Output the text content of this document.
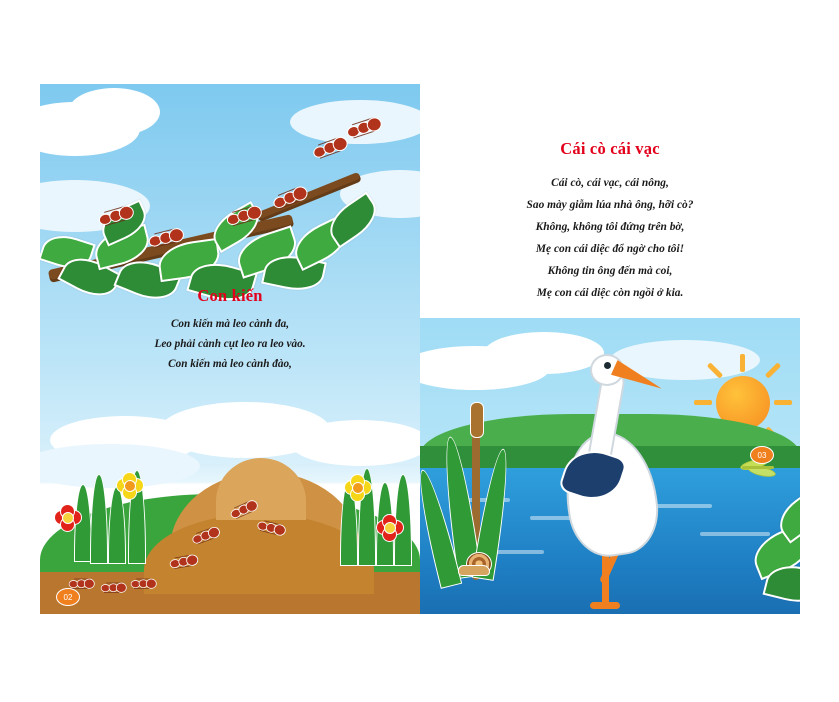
Con kiến
Con kiến mà leo cành đa,
Leo phải cành cụt leo ra leo vào.
Con kiến mà leo cành đào,
02
Cái cò cái vạc
Cái cò, cái vạc, cái nông,
Sao mày giẫm lúa nhà ông, hỡi cò?
Không, không tôi đứng trên bờ,
Mẹ con cái diệc đổ ngờ cho tôi!
Không tin ông đến mà coi,
Mẹ con cái diệc còn ngồi ở kia.
03
